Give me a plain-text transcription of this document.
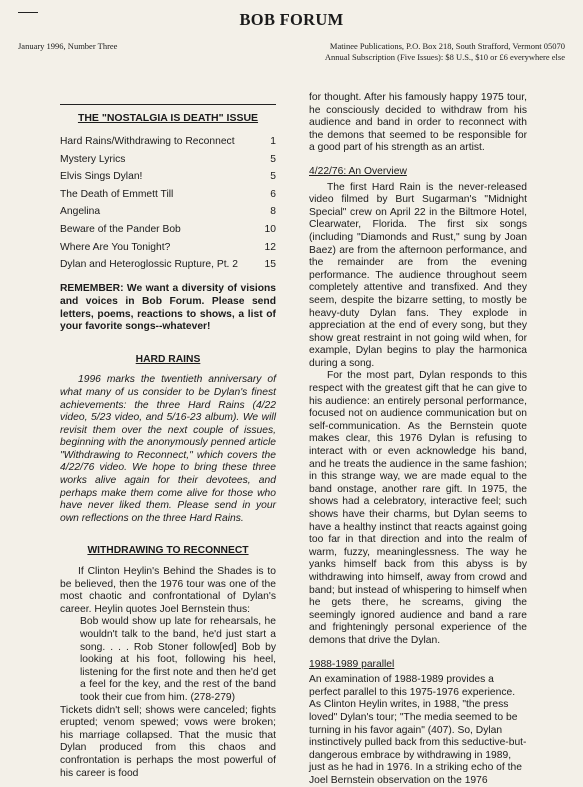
BOB FORUM
January 1996, Number Three	Matinee Publications, P.O. Box 218, South Strafford, Vermont 05070
Annual Subscription (Five Issues): $8 U.S., $10 or £6 everywhere else
THE "NOSTALGIA IS DEATH" ISSUE
Hard Rains/Withdrawing to Reconnect	1
Mystery Lyrics	5
Elvis Sings Dylan!	5
The Death of Emmett Till	6
Angelina	8
Beware of the Pander Bob	10
Where Are You Tonight?	12
Dylan and Heteroglossic Rupture, Pt. 2	15
REMEMBER: We want a diversity of visions and voices in Bob Forum. Please send letters, poems, reactions to shows, a list of your favorite songs--whatever!
HARD RAINS
1996 marks the twentieth anniversary of what many of us consider to be Dylan's finest achievements: the three Hard Rains (4/22 video, 5/23 video, and 5/16-23 album). We will revisit them over the next couple of issues, beginning with the anonymously penned article "Withdrawing to Reconnect," which covers the 4/22/76 video. We hope to bring these three works alive again for their devotees, and perhaps make them come alive for those who have never liked them. Please send in your own reflections on the three Hard Rains.
WITHDRAWING TO RECONNECT

If Clinton Heylin's Behind the Shades is to be believed, then the 1976 tour was one of the most chaotic and confrontational of Dylan's career. Heylin quotes Joel Bernstein thus:

Bob would show up late for rehearsals, he wouldn't talk to the band, he'd just start a song. . . . Rob Stoner follow[ed] Bob by looking at his foot, following his heel, listening for the first note and then he'd get a feel for the key, and the rest of the band took their cue from him. (278-279)

Tickets didn't sell; shows were canceled; fights erupted; venom spewed; vows were broken; his marriage collapsed. That the music that Dylan produced from this chaos and confrontation is perhaps the most powerful of his career is food

for thought. After his famously happy 1975 tour, he consciously decided to withdraw from his audience and band in order to reconnect with the demons that seemed to be responsible for a good part of his strength as an artist.

4/22/76: An Overview

The first Hard Rain is the never-released video filmed by Burt Sugarman's "Midnight Special" crew on April 22 in the Biltmore Hotel, Clearwater, Florida. The first six songs (including "Diamonds and Rust," sung by Joan Baez) are from the afternoon performance, and the remainder are from the evening performance. The audience throughout seem completely attentive and transfixed. And they seem, despite the bizarre setting, to mostly be heavy-duty Dylan fans. They explode in appreciation at the end of every song, but they show great restraint in not going wild when, for example, Dylan begins to play the harmonica during a song.

For the most part, Dylan responds to this respect with the greatest gift that he can give to his audience: an entirely personal performance, focused not on audience communication but on self-communication. As the Bernstein quote makes clear, this 1976 Dylan is refusing to interact with or even acknowledge his band, and he treats the audience in the same fashion; in this strange way, we are made equal to the band onstage, another rare gift. In 1975, the shows had a celebratory, interactive feel; such shows have their charms, but Dylan seems to have a healthy instinct that reacts against going too far in that direction and into the realm of warm, fuzzy, meaninglessness. The way he yanks himself back from this abyss is by withdrawing into himself, away from crowd and band; but instead of whispering to himself when he gets there, he screams, giving the seemingly ignored audience and band a rare and frighteningly personal experience of the demons that drive the Dylan.

1988-1989 parallel

An examination of 1988-1989 provides a perfect parallel to this 1975-1976 experience. As Clinton Heylin writes, in 1988, "the press loved" Dylan's tour; "The media seemed to be turning in his favor again" (407). So, Dylan instinctively pulled back from this seductive-but-dangerous embrace by withdrawing in 1989, just as he had in 1976. In a striking echo of the Joel Bernstein observation on the 1976
